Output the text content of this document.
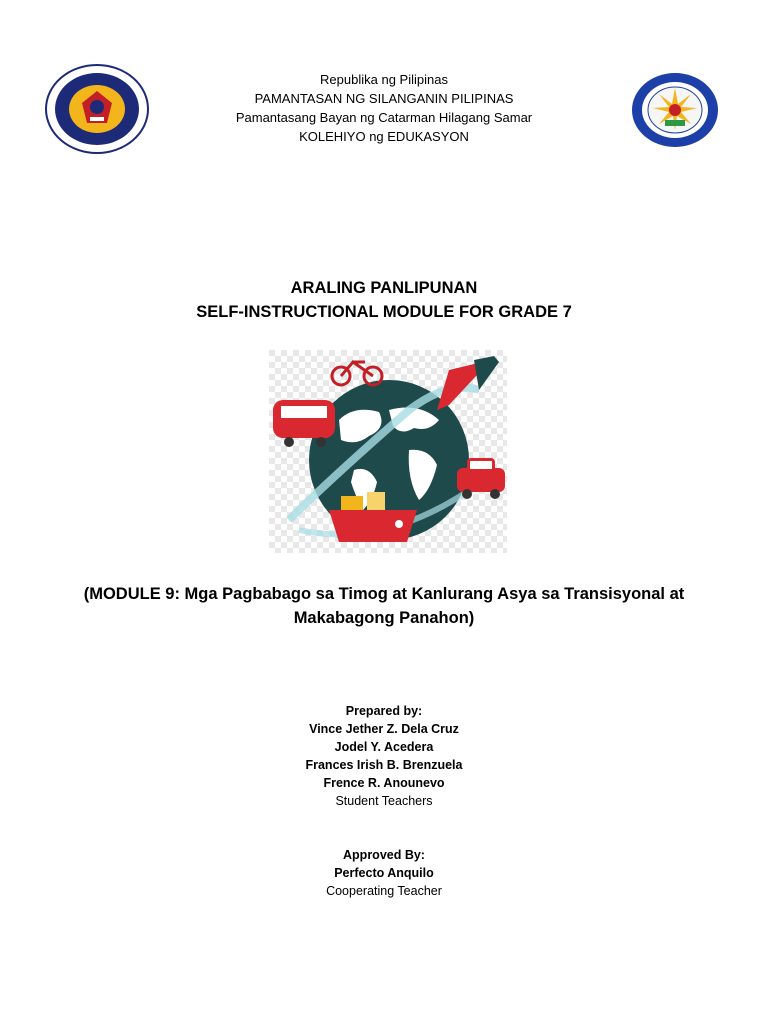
Republika ng Pilipinas
PAMANTASAN NG SILANGANIN PILIPINAS
Pamantasang Bayan ng Catarman Hilagang Samar
KOLEHIYO ng EDUKASYON
ARALING PANLIPUNAN
SELF-INSTRUCTIONAL MODULE FOR GRADE 7
(MODULE 9: Mga Pagbabago sa Timog at Kanlurang Asya sa Transisyonal at Makabagong Panahon)
Prepared by:
Vince Jether Z. Dela Cruz
Jodel Y. Acedera
Frances Irish B. Brenzuela
Frence R. Anounevo
Student Teachers
Approved By:
Perfecto Anquilo
Cooperating Teacher
